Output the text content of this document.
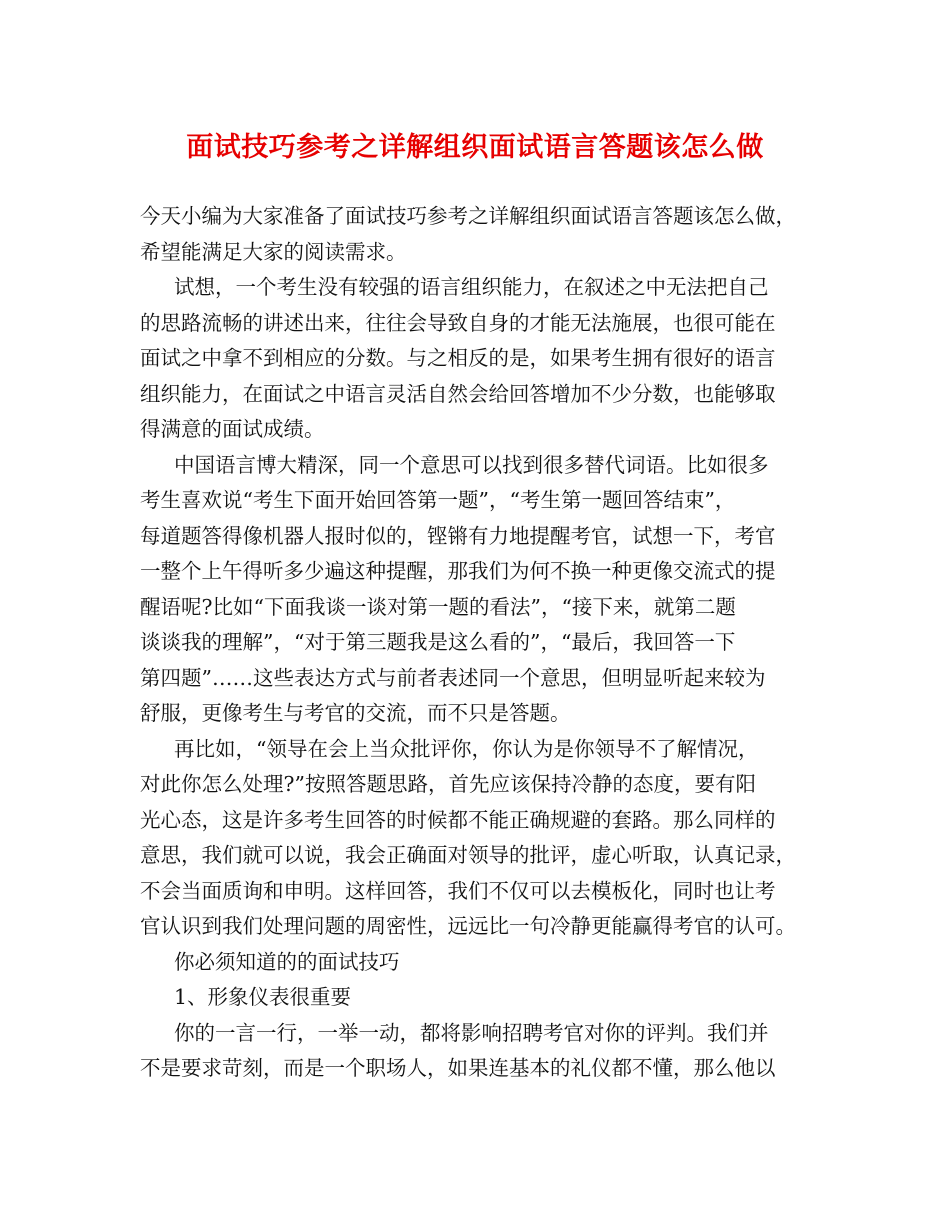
面试技巧参考之详解组织面试语言答题该怎么做

今天小编为大家准备了面试技巧参考之详解组织面试语言答题该怎么做，
希望能满足大家的阅读需求。

试想，一个考生没有较强的语言组织能力，在叙述之中无法把自己
的思路流畅的讲述出来，往往会导致自身的才能无法施展，也很可能在
面试之中拿不到相应的分数。与之相反的是，如果考生拥有很好的语言
组织能力，在面试之中语言灵活自然会给回答增加不少分数，也能够取
得满意的面试成绩。

中国语言博大精深，同一个意思可以找到很多替代词语。比如很多
考生喜欢说“考生下面开始回答第一题”，“考生第一题回答结束”，
每道题答得像机器人报时似的，铿锵有力地提醒考官，试想一下，考官
一整个上午得听多少遍这种提醒，那我们为何不换一种更像交流式的提
醒语呢?比如“下面我谈一谈对第一题的看法”，“接下来，就第二题
谈谈我的理解”，“对于第三题我是这么看的”，“最后，我回答一下
第四题”……这些表达方式与前者表述同一个意思，但明显听起来较为
舒服，更像考生与考官的交流，而不只是答题。

再比如，“领导在会上当众批评你，你认为是你领导不了解情况，
对此你怎么处理?”按照答题思路，首先应该保持冷静的态度，要有阳
光心态，这是许多考生回答的时候都不能正确规避的套路。那么同样的
意思，我们就可以说，我会正确面对领导的批评，虚心听取，认真记录，
不会当面质询和申明。这样回答，我们不仅可以去模板化，同时也让考
官认识到我们处理问题的周密性，远远比一句冷静更能赢得考官的认可。

你必须知道的的面试技巧

1、形象仪表很重要

你的一言一行，一举一动，都将影响招聘考官对你的评判。我们并
不是要求苛刻，而是一个职场人，如果连基本的礼仪都不懂，那么他以
